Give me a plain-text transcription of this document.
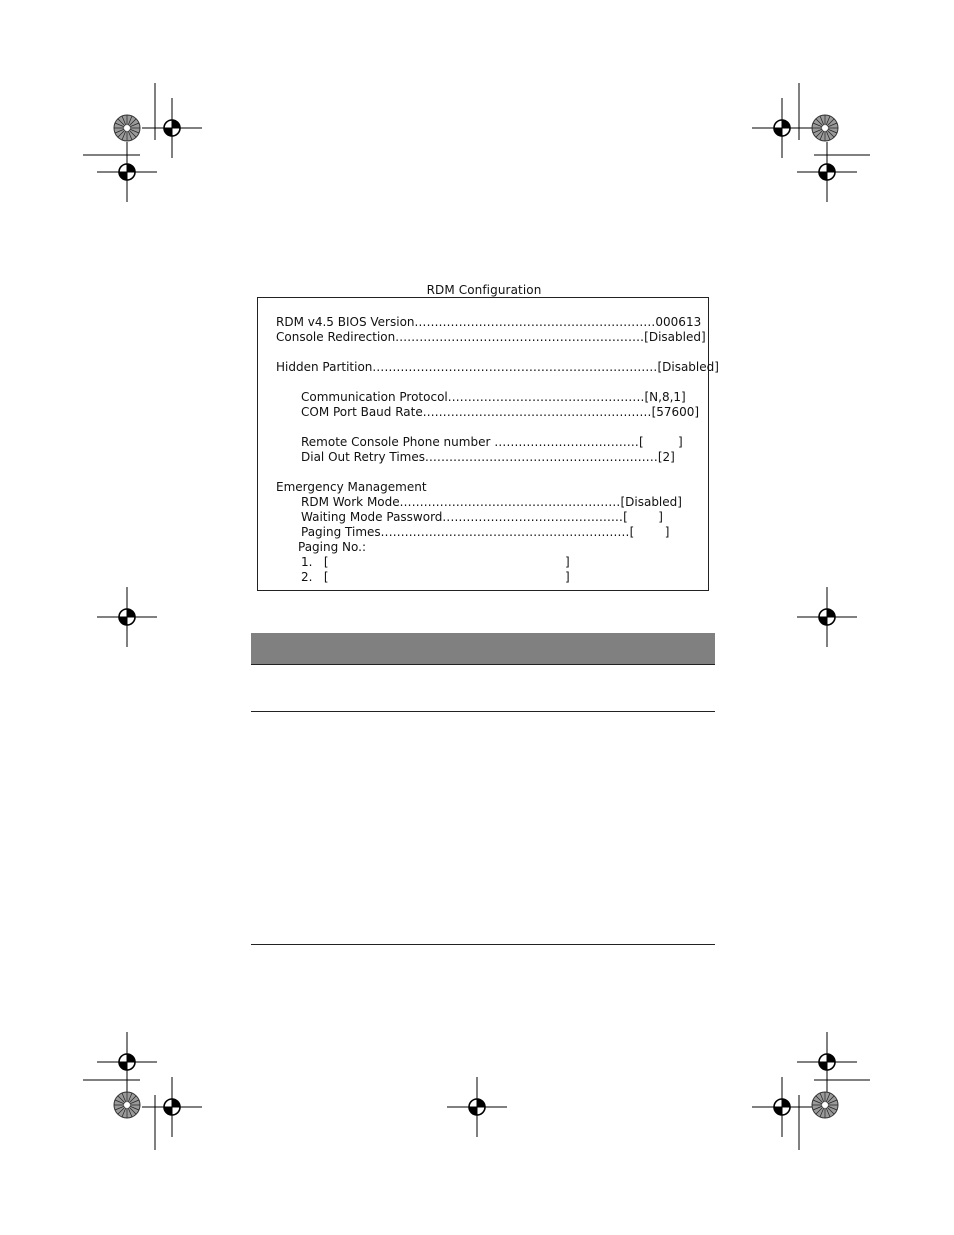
RDM Configuration
RDM v4.5 BIOS Version............................................................000613
Console Redirection..............................................................[Disabled]
Hidden Partition.......................................................................[Disabled]
Communication Protocol.................................................[N,8,1]
COM Port Baud Rate.........................................................[57600]
Remote Console Phone number ....................................[         ]
Dial Out Retry Times..........................................................[2]
Emergency Management
RDM Work Mode.......................................................[Disabled]
Waiting Mode Password.............................................[        ]
Paging Times..............................................................[        ]
Paging No.:
1.   [	]
2.   [	]
